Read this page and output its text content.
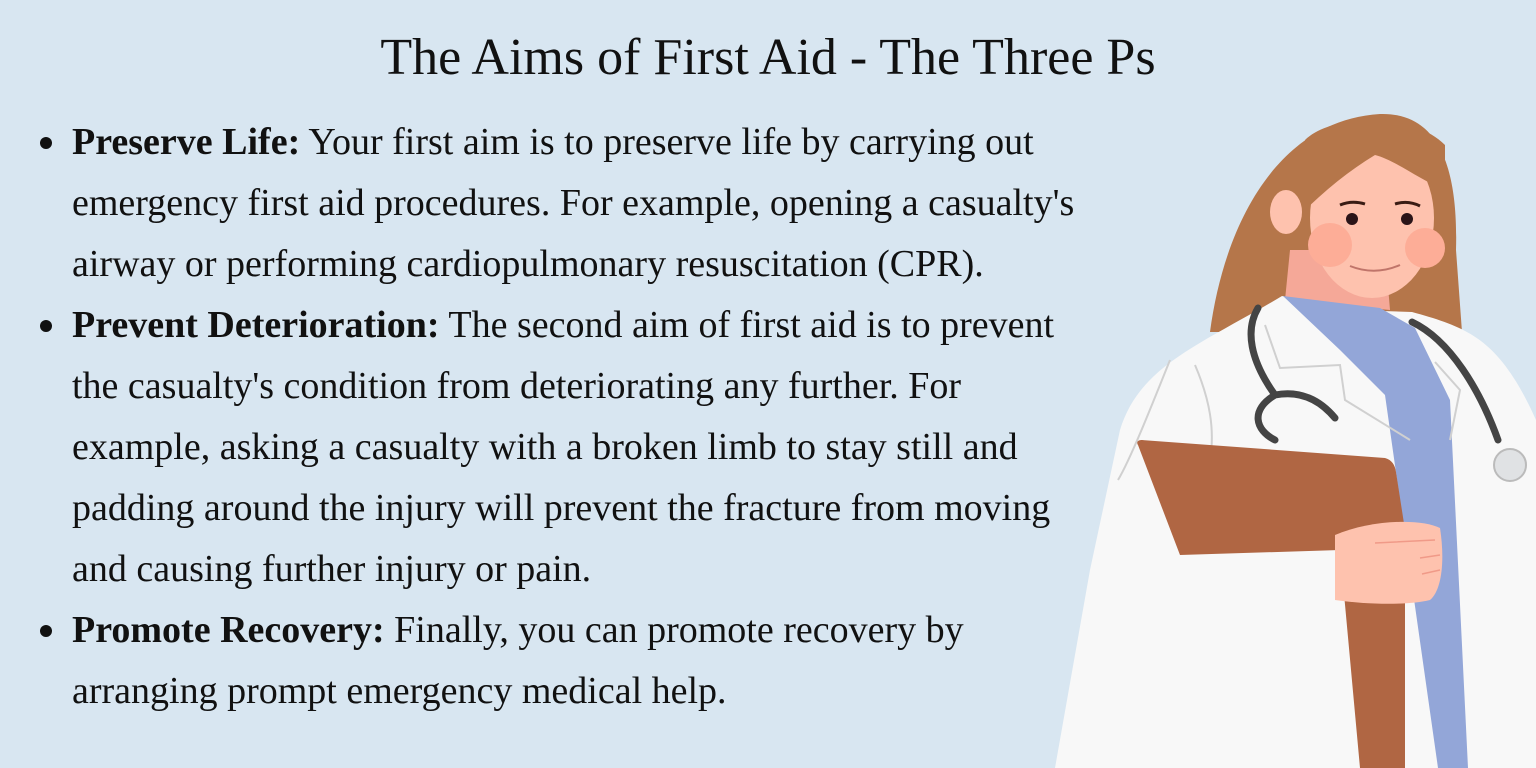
The Aims of First Aid - The Three Ps
Preserve Life: Your first aim is to preserve life by carrying out emergency first aid procedures. For example, opening a casualty's airway or performing cardiopulmonary resuscitation (CPR).
Prevent Deterioration: The second aim of first aid is to prevent the casualty's condition from deteriorating any further. For example, asking a casualty with a broken limb to stay still and padding around the injury will prevent the fracture from moving and causing further injury or pain.
Promote Recovery: Finally, you can promote recovery by arranging prompt emergency medical help.
